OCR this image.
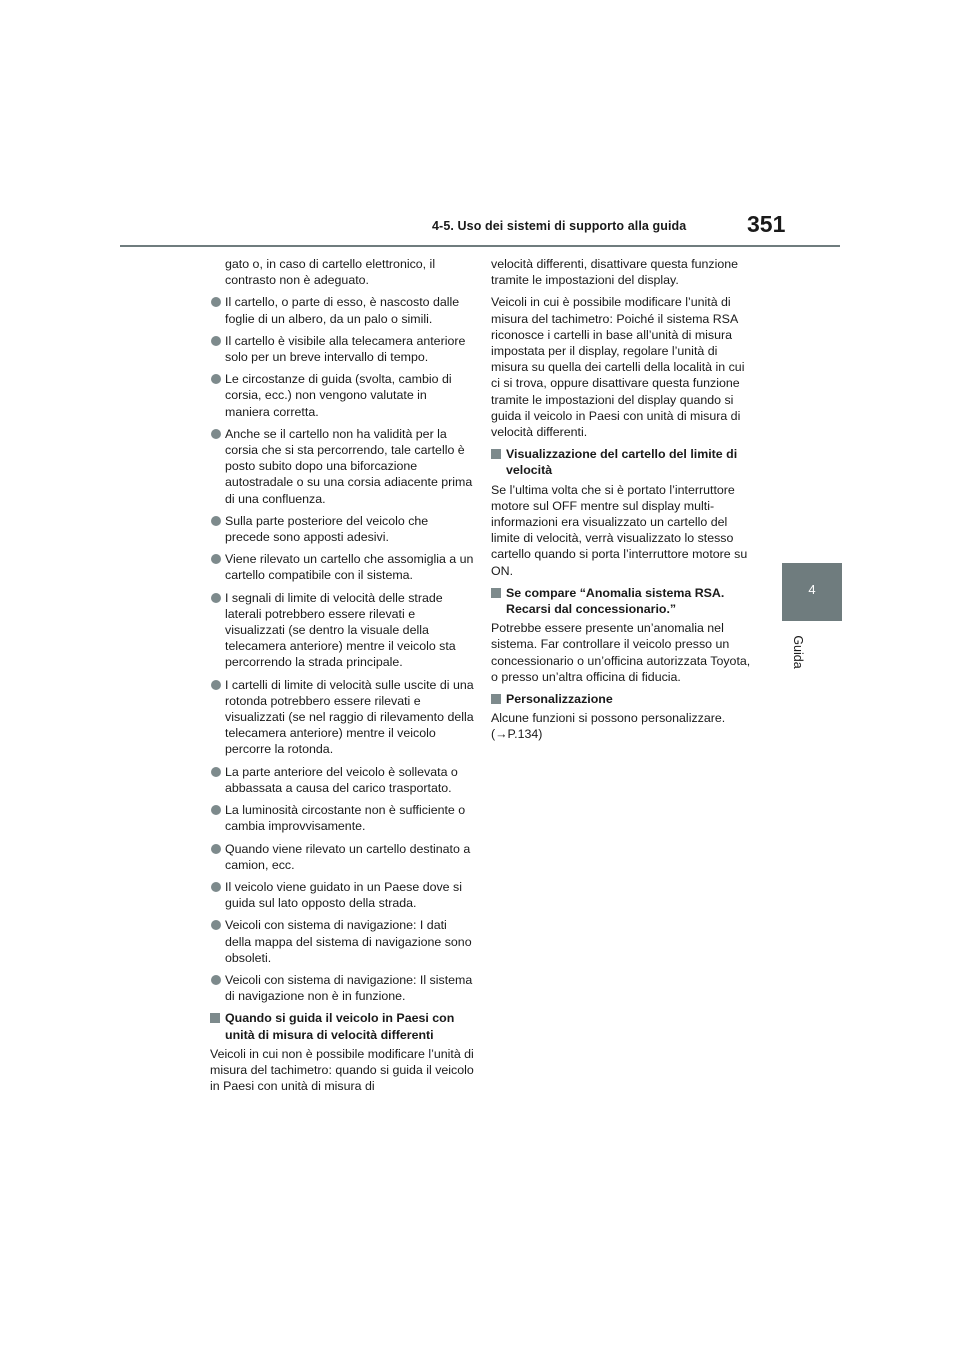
4-5. Uso dei sistemi di supporto alla guida	351
4
Guida
gato o, in caso di cartello elettronico, il contrasto non è adeguato.
Il cartello, o parte di esso, è nascosto dalle foglie di un albero, da un palo o simili.
Il cartello è visibile alla telecamera anteriore solo per un breve intervallo di tempo.
Le circostanze di guida (svolta, cambio di corsia, ecc.) non vengono valutate in maniera corretta.
Anche se il cartello non ha validità per la corsia che si sta percorrendo, tale cartello è posto subito dopo una biforcazione autostradale o su una corsia adiacente prima di una confluenza.
Sulla parte posteriore del veicolo che precede sono apposti adesivi.
Viene rilevato un cartello che assomiglia a un cartello compatibile con il sistema.
I segnali di limite di velocità delle strade laterali potrebbero essere rilevati e visualizzati (se dentro la visuale della telecamera anteriore) mentre il veicolo sta percorrendo la strada principale.
I cartelli di limite di velocità sulle uscite di una rotonda potrebbero essere rilevati e visualizzati (se nel raggio di rilevamento della telecamera anteriore) mentre il veicolo percorre la rotonda.
La parte anteriore del veicolo è sollevata o abbassata a causa del carico trasportato.
La luminosità circostante non è sufficiente o cambia improvvisamente.
Quando viene rilevato un cartello destinato a camion, ecc.
Il veicolo viene guidato in un Paese dove si guida sul lato opposto della strada.
Veicoli con sistema di navigazione: I dati della mappa del sistema di navigazione sono obsoleti.
Veicoli con sistema di navigazione: Il sistema di navigazione non è in funzione.
Quando si guida il veicolo in Paesi con unità di misura di velocità differenti
Veicoli in cui non è possibile modificare l’unità di misura del tachimetro: quando si guida il veicolo in Paesi con unità di misura di
velocità differenti, disattivare questa funzione tramite le impostazioni del display.
Veicoli in cui è possibile modificare l’unità di misura del tachimetro: Poiché il sistema RSA riconosce i cartelli in base all’unità di misura impostata per il display, regolare l’unità di misura su quella dei cartelli della località in cui ci si trova, oppure disattivare questa funzione tramite le impostazioni del display quando si guida il veicolo in Paesi con unità di misura di velocità differenti.
Visualizzazione del cartello del limite di velocità
Se l’ultima volta che si è portato l’interruttore motore sul OFF mentre sul display multi-informazioni era visualizzato un cartello del limite di velocità, verrà visualizzato lo stesso cartello quando si porta l’interruttore motore su ON.
Se compare “Anomalia sistema RSA. Recarsi dal concessionario.”
Potrebbe essere presente un’anomalia nel sistema. Far controllare il veicolo presso un concessionario o un’officina autorizzata Toyota, o presso un’altra officina di fiducia.
Personalizzazione
Alcune funzioni si possono personalizzare.
(→P.134)
